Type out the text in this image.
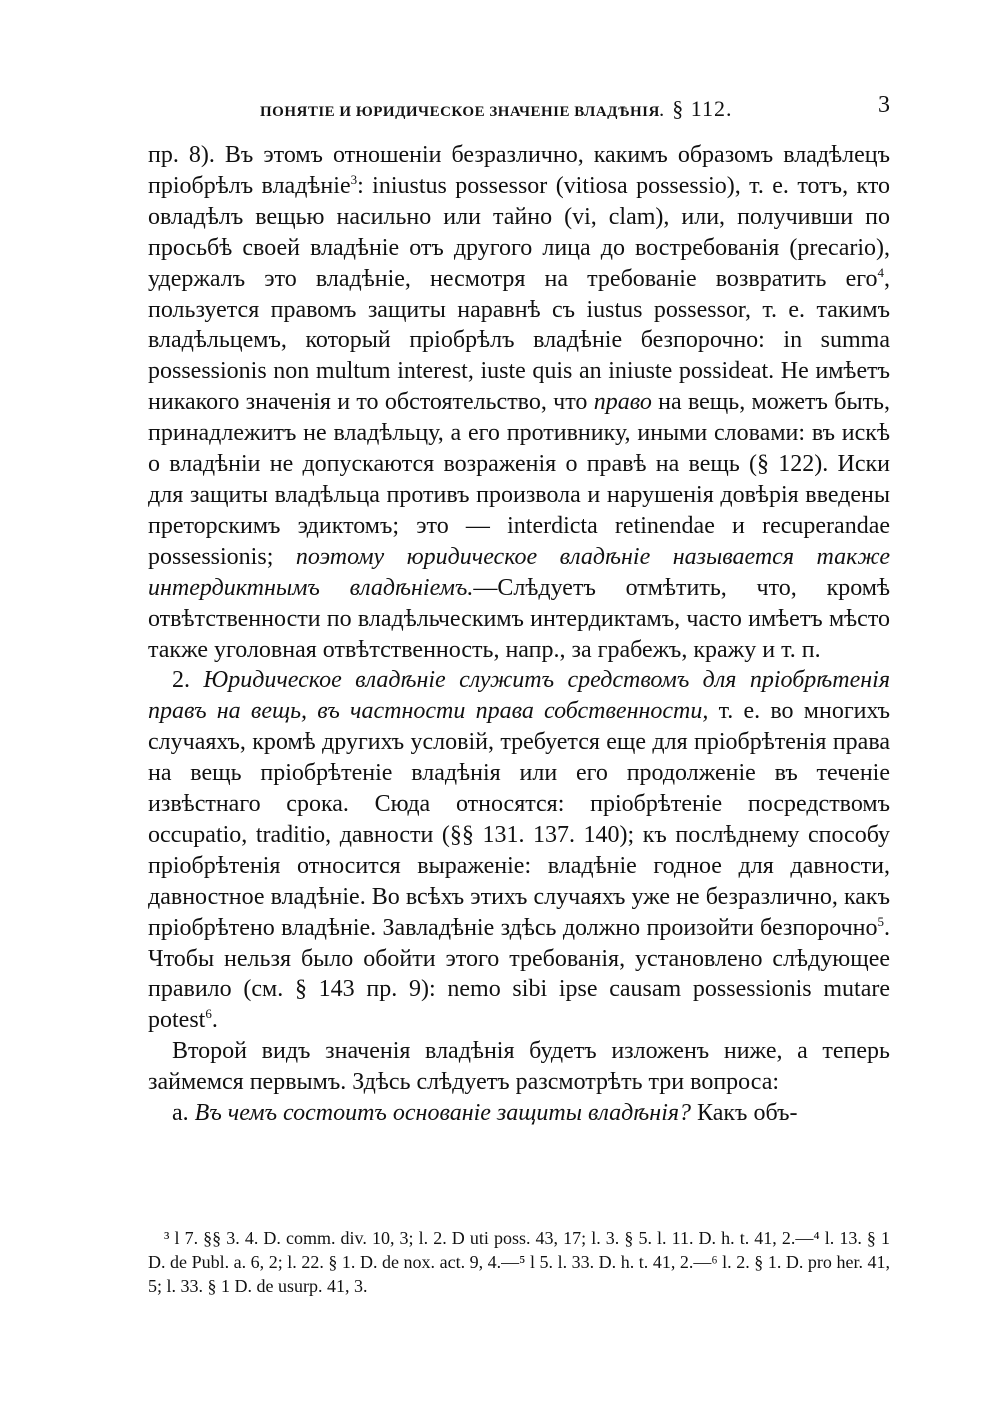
ПОНЯТІЕ И ЮРИДИЧЕСКОЕ ЗНАЧЕНІЕ ВЛАДѢНІЯ. § 112.	3

пр. 8). Въ этомъ отношеніи безразлично, какимъ образомъ владѣлецъ пріобрѣлъ владѣніе$^3$: iniustus possessor (vitiosa possessio), т. е. тотъ, кто овладѣлъ вещью насильно или тайно (vi, clam), или, получивши по просьбѣ своей владѣніе отъ другого лица до востребованія (precario), удержалъ это владѣніе, несмотря на требованіе возвратить его$^4$, пользуется правомъ защиты наравнѣ съ iustus possessor, т. е. такимъ владѣльцемъ, который пріобрѣлъ владѣніе безпорочно: in summa possessionis non multum interest, iuste quis an iniuste possideat. Не имѣетъ никакого значенія и то обстоятельство, что право на вещь, можетъ быть, принадлежитъ не владѣльцу, а его противнику, иными словами: въ искѣ о владѣніи не допускаются возраженія о правѣ на вещь (§ 122). Иски для защиты владѣльца противъ произвола и нарушенія довѣрія введены преторскимъ эдиктомъ; это — interdicta retinendae и recuperandae possessionis; поэтому юридическое владѣніе называется также интердиктнымъ владѣніемъ.—Слѣдуетъ отмѣтить, что, кромѣ отвѣтственности по владѣльческимъ интердиктамъ, часто имѣетъ мѣсто также уголовная отвѣтственность, напр., за грабежъ, кражу и т. п.

2. Юридическое владѣніе служитъ средствомъ для пріобрѣтенія правъ на вещь, въ частности права собственности, т. е. во многихъ случаяхъ, кромѣ другихъ условій, требуется еще для пріобрѣтенія права на вещь пріобрѣтеніе владѣнія или его продолженіе въ теченіе извѣстнаго срока. Сюда относятся: пріобрѣтеніе посредствомъ occupatio, traditio, давности (§§ 131. 137. 140); къ послѣднему способу пріобрѣтенія относится выраженіе: владѣніе годное для давности, давностное владѣніе. Во всѣхъ этихъ случаяхъ уже не безразлично, какъ пріобрѣтено владѣніе. Завладѣніе здѣсь должно произойти безпорочно$^5$. Чтобы нельзя было обойти этого требованія, установлено слѣдующее правило (см. § 143 пр. 9): nemo sibi ipse causam possessionis mutare potest$^6$.

Второй видъ значенія владѣнія будетъ изложенъ ниже, а теперь займемся первымъ. Здѣсь слѣдуетъ разсмотрѣть три вопроса:

а. Въ чемъ состоитъ основаніе защиты владѣнія? Какъ объ-

³ l 7. §§ 3. 4. D. comm. div. 10, 3; l. 2. D uti poss. 43, 17; l. 3. § 5. l. 11. D. h. t. 41, 2.—⁴ l. 13. § 1 D. de Publ. a. 6, 2; l. 22. § 1. D. de nox. act. 9, 4.—⁵ l 5. l. 33. D. h. t. 41, 2.—⁶ l. 2. § 1. D. pro her. 41, 5; l. 33. § 1 D. de usurp. 41, 3.
